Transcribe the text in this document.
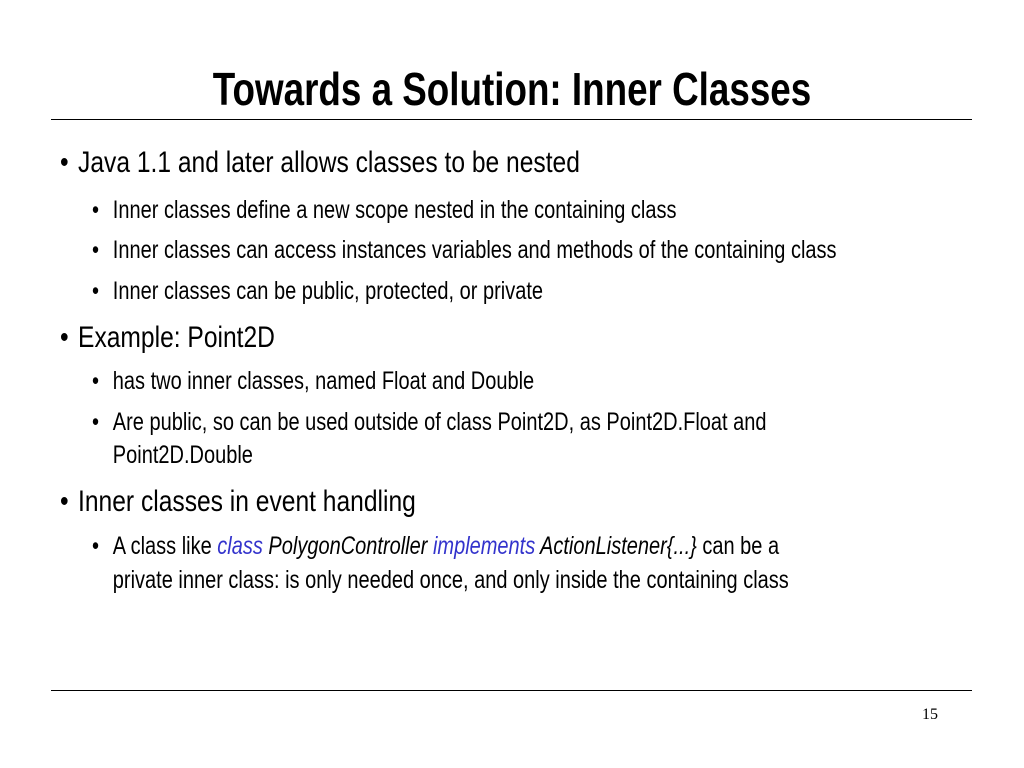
Towards a Solution: Inner Classes
• Java 1.1 and later allows classes to be nested
• Inner classes define a new scope nested in the containing class
• Inner classes can access instances variables and methods of the containing class
• Inner classes can be public, protected, or private
• Example: Point2D
• has two inner classes, named Float and Double
• Are public, so can be used outside of class Point2D, as Point2D.Float and
Point2D.Double
• Inner classes in event handling
• A class like class PolygonController implements ActionListener{...} can be a
private inner class: is only needed once, and only inside the containing class
15
